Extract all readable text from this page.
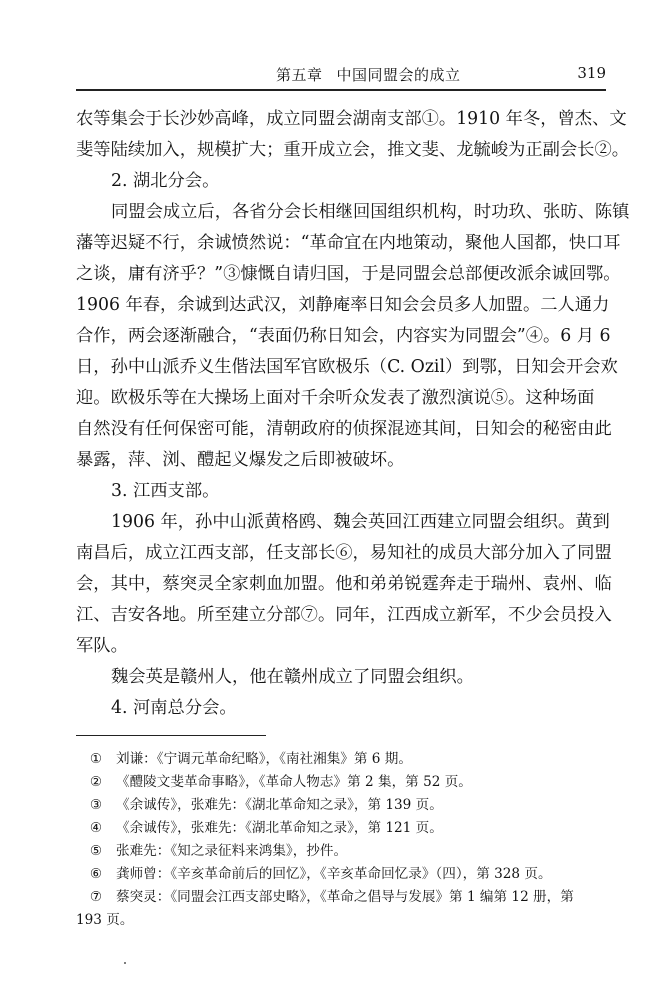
第五章 中国同盟会的成立	319
农等集会于长沙妙高峰，成立同盟会湖南支部①。1910 年冬，曾杰、文
斐等陆续加入，规模扩大；重开成立会，推文斐、龙毓峻为正副会长②。
2. 湖北分会。
同盟会成立后，各省分会长相继回国组织机构，时功玖、张昉、陈镇
藩等迟疑不行，余诚愤然说：“革命宜在内地策动，聚他人国都，快口耳
之谈，庸有济乎？”③慷慨自请归国，于是同盟会总部便改派余诚回鄂。
1906 年春，余诚到达武汉，刘静庵率日知会会员多人加盟。二人通力
合作，两会逐渐融合，“表面仍称日知会，内容实为同盟会”④。6 月 6
日，孙中山派乔义生偕法国军官欧极乐（C. Ozil）到鄂，日知会开会欢
迎。欧极乐等在大操场上面对千余听众发表了激烈演说⑤。这种场面
自然没有任何保密可能，清朝政府的侦探混迹其间，日知会的秘密由此
暴露，萍、浏、醴起义爆发之后即被破坏。
3. 江西支部。
1906 年，孙中山派黄格鸥、魏会英回江西建立同盟会组织。黄到
南昌后，成立江西支部，任支部长⑥，易知社的成员大部分加入了同盟
会，其中，蔡突灵全家刺血加盟。他和弟弟锐霆奔走于瑞州、袁州、临
江、吉安各地。所至建立分部⑦。同年，江西成立新军，不少会员投入
军队。
魏会英是赣州人，他在赣州成立了同盟会组织。
4. 河南总分会。
① 刘谦：《宁调元革命纪略》，《南社湘集》第 6 期。
② 《醴陵文斐革命事略》，《革命人物志》第 2 集，第 52 页。
③ 《余诚传》，张难先：《湖北革命知之录》，第 139 页。
④ 《余诚传》，张难先：《湖北革命知之录》，第 121 页。
⑤ 张难先：《知之录征料来鸿集》，抄件。
⑥ 龚师曾：《辛亥革命前后的回忆》，《辛亥革命回忆录》（四），第 328 页。
⑦ 蔡突灵：《同盟会江西支部史略》，《革命之倡导与发展》第 1 编第 12 册，第
193 页。
